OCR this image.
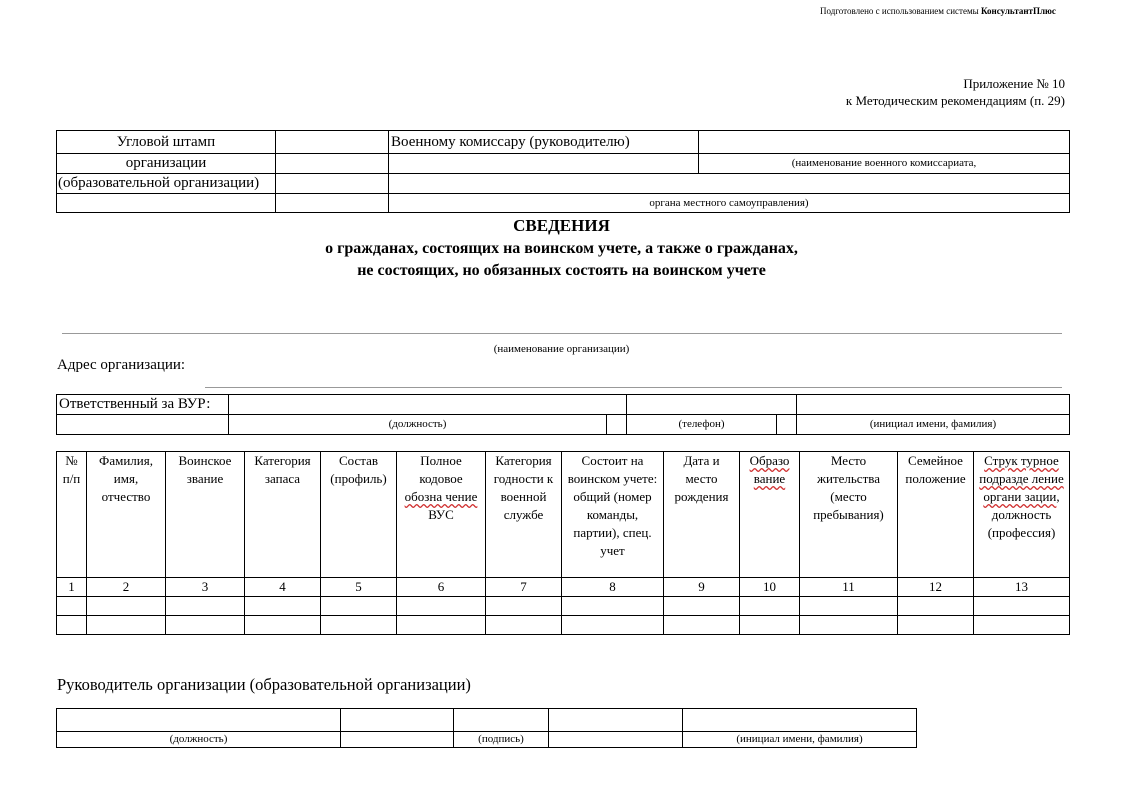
Подготовлено с использованием системы КонсультантПлюс
Приложение № 10
к Методическим рекомендациям (п. 29)
Угловой штамп		Военному комиссару (руководителю)	
организации			(наименование военного комиссариата,
(образовательной организации)			
		органа местного самоуправления)	
СВЕДЕНИЯ
о гражданах, состоящих на воинском учете, а также о гражданах,
не состоящих, но обязанных состоять на воинском учете
(наименование организации)
Адрес организации:
Ответственный за ВУР:					
	(должность)		(телефон)		(инициал имени, фамилия)
№ п/п	Фамилия, имя, отчество	Воинское звание	Категория запаса	Состав (профиль)	Полное кодовое обозна чение ВУС	Категория годности к военной службе	Состоит на воинском учете: общий (номер команды, партии), спец. учет	Дата и место рождения	Образо вание	Место жительства (место пребывания)	Семейное положение	Струк турное подразде ление органи зации, должность (профессия)
1	2	3	4	5	6	7	8	9	10	11	12	13

Руководитель организации (образовательной организации)

(должность)		(подпись)		(инициал имени, фамилия)
